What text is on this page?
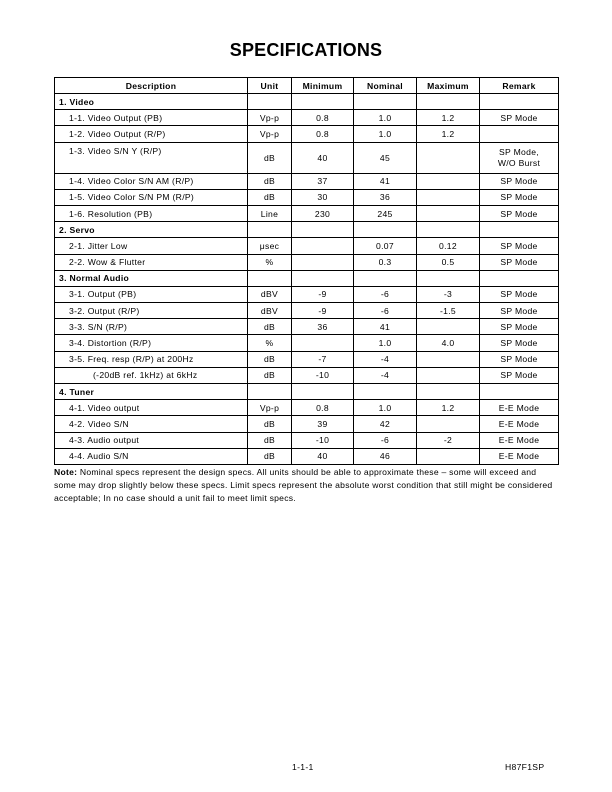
SPECIFICATIONS
Description	Unit	Minimum	Nominal	Maximum	Remark
1. Video					
1-1. Video Output (PB)	Vp-p	0.8	1.0	1.2	SP Mode
1-2. Video Output (R/P)	Vp-p	0.8	1.0	1.2	
1-3. Video S/N Y (R/P)	dB	40	45		SP Mode,
W/O Burst

1-4. Video Color S/N AM (R/P)	dB	37	41		SP Mode
1-5. Video Color S/N PM (R/P)	dB	30	36		SP Mode
1-6. Resolution (PB)	Line	230	245		SP Mode
2. Servo					
2-1. Jitter Low	μsec		0.07	0.12	SP Mode
2-2. Wow & Flutter	%		0.3	0.5	SP Mode
3. Normal Audio					
3-1. Output (PB)	dBV	-9	-6	-3	SP Mode
3-2. Output (R/P)	dBV	-9	-6	-1.5	SP Mode
3-3. S/N (R/P)	dB	36	41		SP Mode
3-4. Distortion (R/P)	%		1.0	4.0	SP Mode
3-5. Freq. resp (R/P) at 200Hz	dB	-7	-4		SP Mode
(-20dB ref. 1kHz) at 6kHz	dB	-10	-4		SP Mode
4. Tuner					
4-1. Video output	Vp-p	0.8	1.0	1.2	E-E Mode
4-2. Video S/N	dB	39	42		E-E Mode
4-3. Audio output	dB	-10	-6	-2	E-E Mode
4-4. Audio S/N	dB	40	46		E-E Mode
Note: Nominal specs represent the design specs. All units should be able to approximate these – some will exceed and some may drop slightly below these specs. Limit specs represent the absolute worst condition that still might be considered acceptable; In no case should a unit fail to meet limit specs.
1-1-1	H87F1SP
